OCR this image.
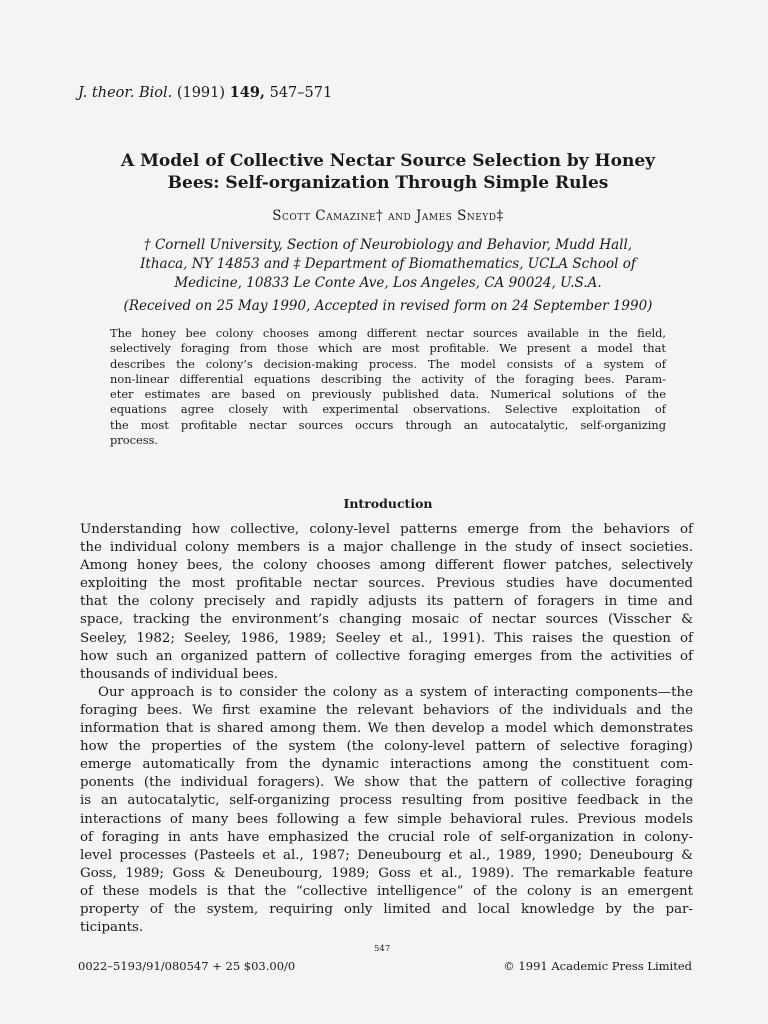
J. theor. Biol. (1991) 149, 547–571
A Model of Collective Nectar Source Selection by Honey
Bees: Self-organization Through Simple Rules
Scott Camazine† and James Sneyd‡
† Cornell University, Section of Neurobiology and Behavior, Mudd Hall,
Ithaca, NY 14853 and ‡ Department of Biomathematics, UCLA School of
Medicine, 10833 Le Conte Ave, Los Angeles, CA 90024, U.S.A.
(Received on 25 May 1990, Accepted in revised form on 24 September 1990)
The honey bee colony chooses among different nectar sources available in the field,
selectively foraging from those which are most profitable. We present a model that
describes the colony’s decision-making process. The model consists of a system of
non-linear differential equations describing the activity of the foraging bees. Param-
eter estimates are based on previously published data. Numerical solutions of the
equations agree closely with experimental observations. Selective exploitation of
the most profitable nectar sources occurs through an autocatalytic, self-organizing
process.
Introduction
Understanding how collective, colony-level patterns emerge from the behaviors of
the individual colony members is a major challenge in the study of insect societies.
Among honey bees, the colony chooses among different flower patches, selectively
exploiting the most profitable nectar sources. Previous studies have documented
that the colony precisely and rapidly adjusts its pattern of foragers in time and
space, tracking the environment’s changing mosaic of nectar sources (Visscher &
Seeley, 1982; Seeley, 1986, 1989; Seeley et al., 1991). This raises the question of
how such an organized pattern of collective foraging emerges from the activities of
thousands of individual bees.
Our approach is to consider the colony as a system of interacting components—the
foraging bees. We first examine the relevant behaviors of the individuals and the
information that is shared among them. We then develop a model which demonstrates
how the properties of the system (the colony-level pattern of selective foraging)
emerge automatically from the dynamic interactions among the constituent com-
ponents (the individual foragers). We show that the pattern of collective foraging
is an autocatalytic, self-organizing process resulting from positive feedback in the
interactions of many bees following a few simple behavioral rules. Previous models
of foraging in ants have emphasized the crucial role of self-organization in colony-
level processes (Pasteels et al., 1987; Deneubourg et al., 1989, 1990; Deneubourg &
Goss, 1989; Goss & Deneubourg, 1989; Goss et al., 1989). The remarkable feature
of these models is that the “collective intelligence” of the colony is an emergent
property of the system, requiring only limited and local knowledge by the par-
ticipants.
547
0022–5193/91/080547 + 25 $03.00/0	© 1991 Academic Press Limited
